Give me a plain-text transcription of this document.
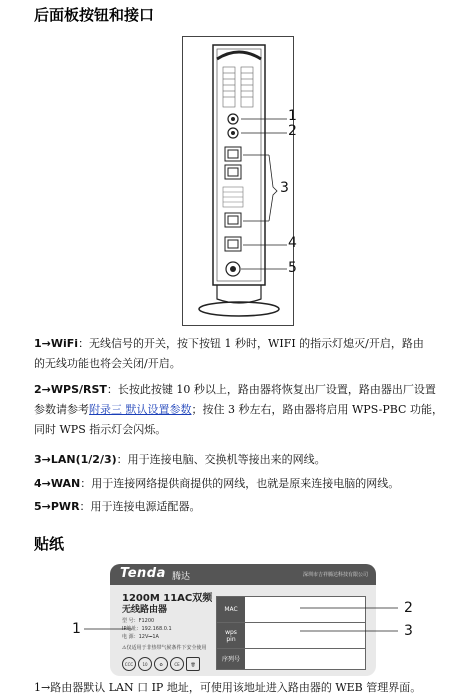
后面板按钮和接口
1
2
3
4
5
1→WiFi：无线信号的开关，按下按钮 1 秒时，WIFI 的指示灯熄灭/开启，路由
的无线功能也将会关闭/开启。
2→WPS/RST：长按此按键 10 秒以上，路由器将恢复出厂设置，路由器出厂设置
参数请参考附录三 默认设置参数；按住 3 秒左右，路由器将启用 WPS-PBC 功能，
同时 WPS 指示灯会闪烁。
3→LAN(1/2/3)：用于连接电脑、交换机等接出来的网线。
4→WAN：用于连接网络提供商提供的网线，也就是原来连接电脑的网线。
5→PWR：用于连接电源适配器。
贴纸
Tenda 腾达	深圳市吉祥腾达科技有限公司
1200M 11AC双频
无线路由器
型 号：F1200
IP地址：192.168.0.1
电 源：12V⎓1A
⚠仅适用于非热带气候条件下安全使用
CCC	10	♻	CE	🗑
MAC
wps
pin
序列号
1
2
3
1→路由器默认 LAN 口 IP 地址，可使用该地址进入路由器的 WEB 管理界面。
